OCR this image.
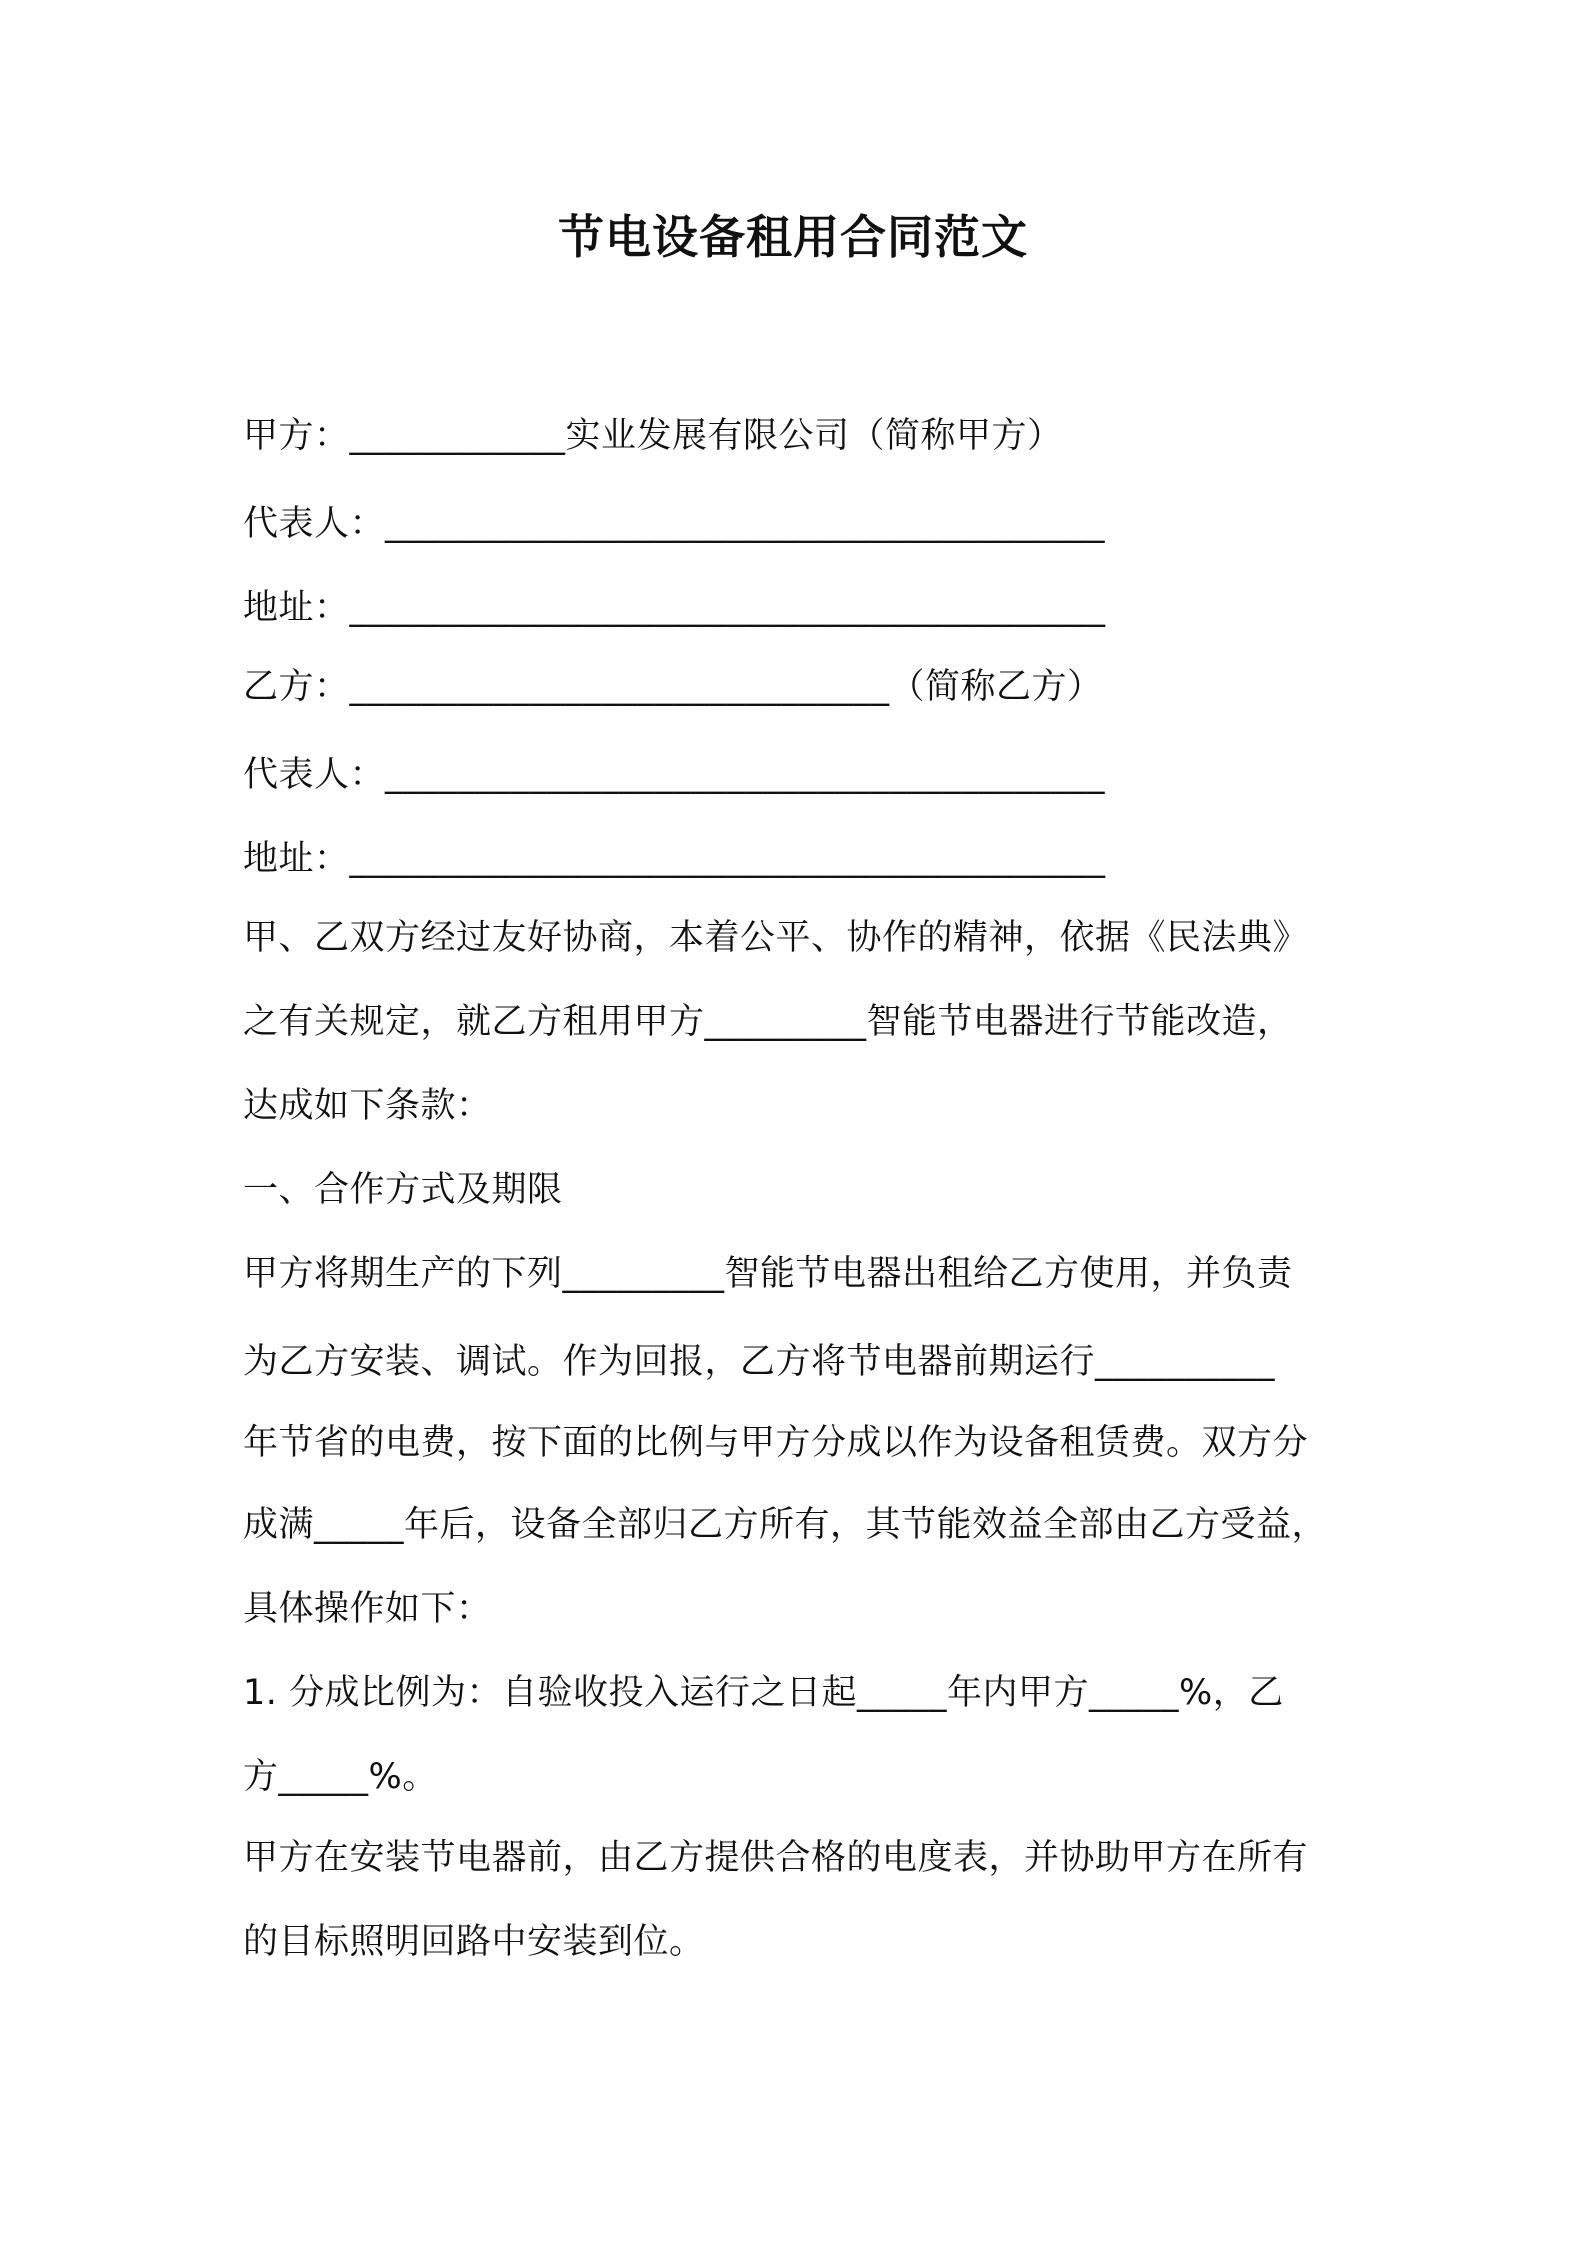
节电设备租用合同范文
甲方：____________实业发展有限公司（简称甲方）
代表人：________________________________________
地址：__________________________________________
乙方：______________________________（简称乙方）
代表人：________________________________________
地址：__________________________________________
甲、乙双方经过友好协商，本着公平、协作的精神，依据《民法典》
之有关规定，就乙方租用甲方_________智能节电器进行节能改造，
达成如下条款：
一、合作方式及期限
甲方将期生产的下列_________智能节电器出租给乙方使用，并负责
为乙方安装、调试。作为回报，乙方将节电器前期运行__________
年节省的电费，按下面的比例与甲方分成以作为设备租赁费。双方分
成满_____年后，设备全部归乙方所有，其节能效益全部由乙方受益，
具体操作如下：
1. 分成比例为：自验收投入运行之日起_____年内甲方_____%，乙
方_____%。
甲方在安装节电器前，由乙方提供合格的电度表，并协助甲方在所有
的目标照明回路中安装到位。
